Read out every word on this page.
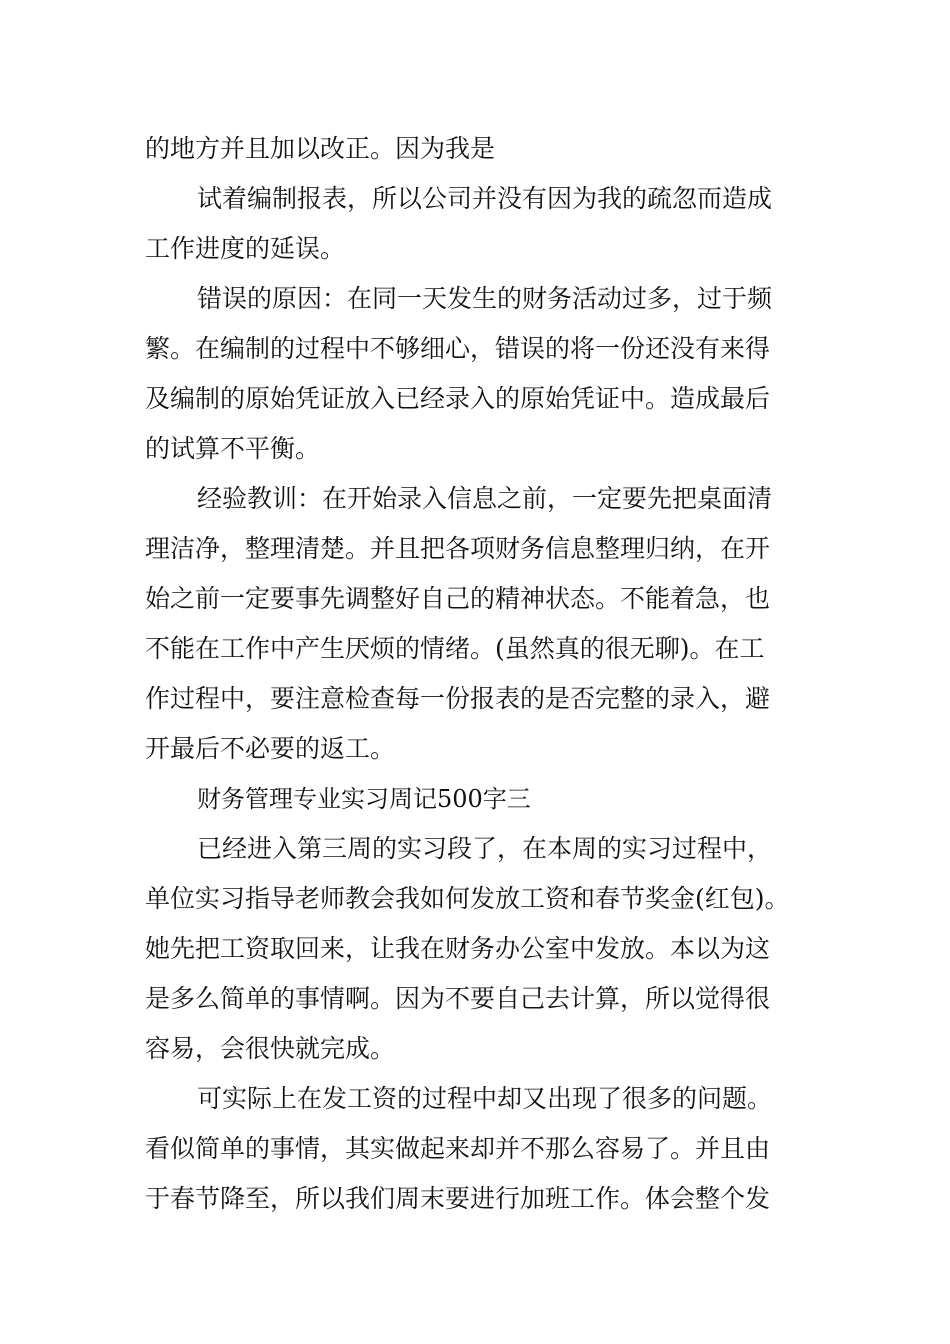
的地方并且加以改正。因为我是
试着编制报表，所以公司并没有因为我的疏忽而造成
工作进度的延误。
错误的原因：在同一天发生的财务活动过多，过于频
繁。在编制的过程中不够细心，错误的将一份还没有来得
及编制的原始凭证放入已经录入的原始凭证中。造成最后
的试算不平衡。
经验教训：在开始录入信息之前，一定要先把桌面清
理洁净，整理清楚。并且把各项财务信息整理归纳，在开
始之前一定要事先调整好自己的精神状态。不能着急，也
不能在工作中产生厌烦的情绪。(虽然真的很无聊)。在工
作过程中，要注意检查每一份报表的是否完整的录入，避
开最后不必要的返工。
财务管理专业实习周记500字三
已经进入第三周的实习段了，在本周的实习过程中，
单位实习指导老师教会我如何发放工资和春节奖金(红包)。
她先把工资取回来，让我在财务办公室中发放。本以为这
是多么简单的事情啊。因为不要自己去计算，所以觉得很
容易，会很快就完成。
可实际上在发工资的过程中却又出现了很多的问题。
看似简单的事情，其实做起来却并不那么容易了。并且由
于春节降至，所以我们周末要进行加班工作。体会整个发
